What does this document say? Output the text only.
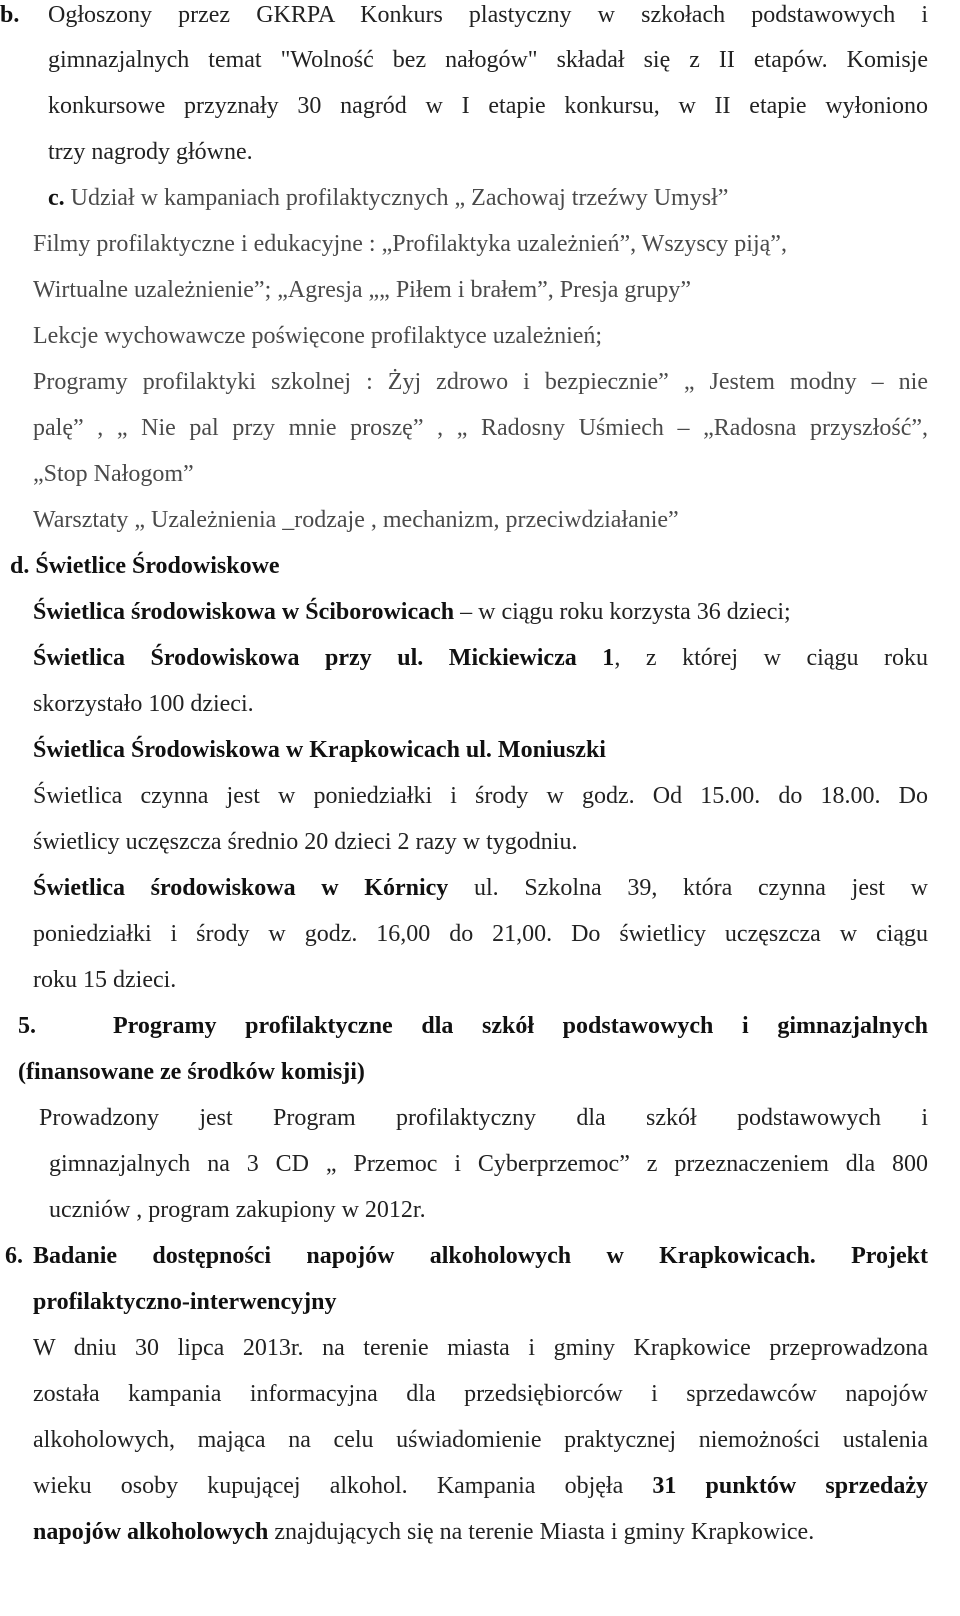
b. Ogłoszony przez GKRPA Konkurs plastyczny w szkołach podstawowych i
gimnazjalnych temat "Wolność bez nałogów" składał się z II etapów. Komisje
konkursowe przyznały 30 nagród w I etapie konkursu, w II etapie wyłoniono
trzy nagrody główne.
c. Udział w kampaniach profilaktycznych „ Zachowaj trzeźwy Umysł”
Filmy profilaktyczne i edukacyjne : „Profilaktyka uzależnień”, Wszyscy piją”,
Wirtualne uzależnienie”; „Agresja „„ Piłem i brałem”, Presja grupy”
Lekcje wychowawcze poświęcone profilaktyce uzależnień;
Programy profilaktyki szkolnej : Żyj zdrowo i bezpiecznie” „ Jestem modny – nie
palę” , „ Nie pal przy mnie proszę” , „ Radosny Uśmiech – „Radosna przyszłość”,
„Stop Nałogom”
Warsztaty „ Uzależnienia _rodzaje , mechanizm, przeciwdziałanie”
d. Świetlice Środowiskowe
Świetlica środowiskowa w Ściborowicach – w ciągu roku korzysta 36 dzieci;
Świetlica Środowiskowa przy ul. Mickiewicza 1, z której w ciągu roku
skorzystało 100 dzieci.
Świetlica Środowiskowa w Krapkowicach ul. Moniuszki
Świetlica czynna jest w poniedziałki i środy w godz. Od 15.00. do 18.00. Do
świetlicy uczęszcza średnio 20 dzieci 2 razy w tygodniu.
Świetlica środowiskowa w Kórnicy ul. Szkolna 39, która czynna jest w
poniedziałki i środy w godz. 16,00 do 21,00. Do świetlicy uczęszcza w ciągu
roku 15 dzieci.
5.	Programy profilaktyczne dla szkół podstawowych i gimnazjalnych
(finansowane ze środków komisji)
Prowadzony jest Program profilaktyczny dla szkół podstawowych i
gimnazjalnych na 3 CD „ Przemoc i Cyberprzemoc” z przeznaczeniem dla 800
uczniów , program zakupiony w 2012r.
6. Badanie dostępności napojów alkoholowych w Krapkowicach. Projekt
profilaktyczno-interwencyjny
W dniu 30 lipca 2013r. na terenie miasta i gminy Krapkowice przeprowadzona
została kampania informacyjna dla przedsiębiorców i sprzedawców napojów
alkoholowych, mająca na celu uświadomienie praktycznej niemożności ustalenia
wieku osoby kupującej alkohol. Kampania objęła 31 punktów sprzedaży
napojów alkoholowych znajdujących się na terenie Miasta i gminy Krapkowice.
